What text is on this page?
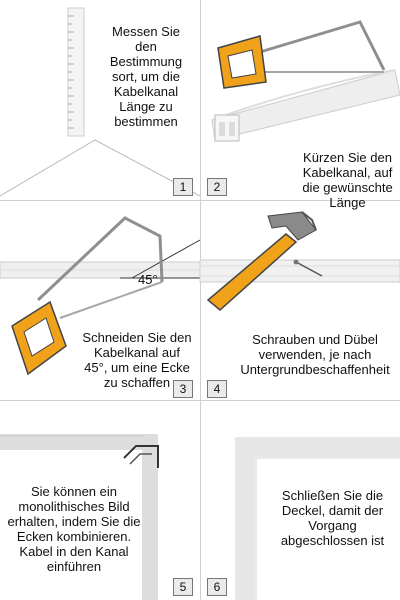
Messen Sie den Bestimmung sort, um die Kabelkanal Länge zu bestimmen
1
Kürzen Sie den Kabelkanal, auf die gewünschte Länge
2
45°
Schneiden Sie den Kabelkanal auf 45°, um eine Ecke zu schaffen 3
Schrauben und Dübel verwenden, je nach Untergrundbeschaffenheit
4
Sie können ein monolithisches Bild erhalten, indem Sie die Ecken kombinieren. Kabel in den Kanal einführen
5
Schließen Sie die Deckel, damit der Vorgang abgeschlossen ist
6
